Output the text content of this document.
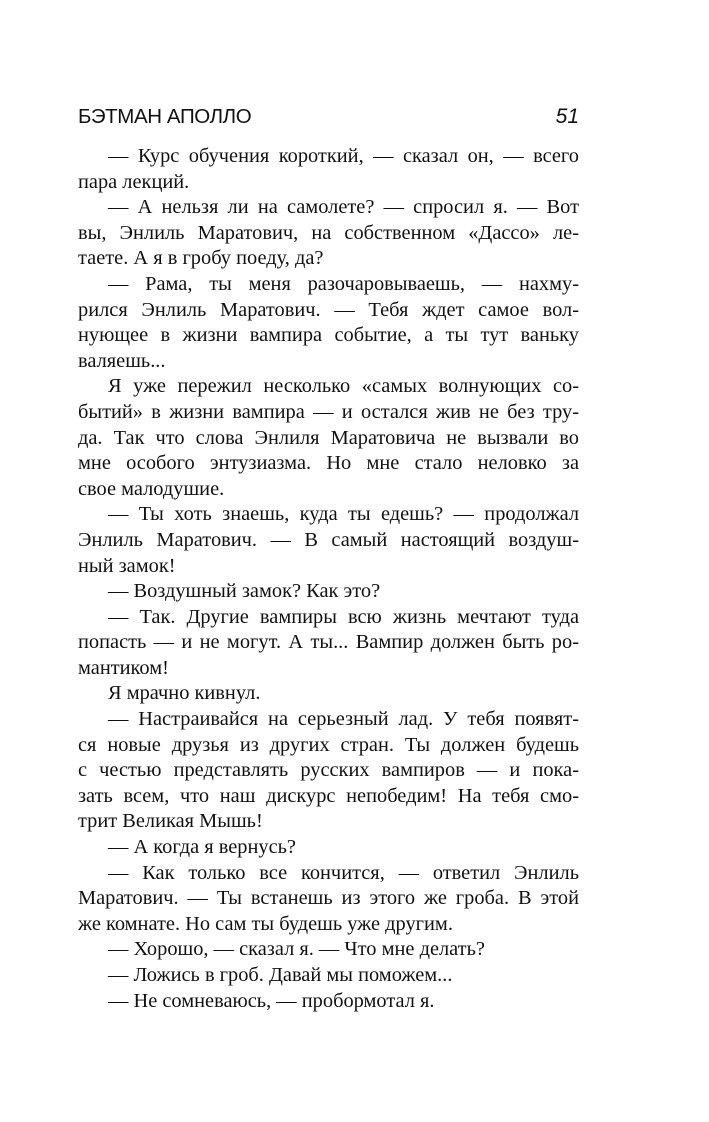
БЭТМАН АПОЛЛО	51
— Курс обучения короткий, — сказал он, — всего
пара лекций.
— А нельзя ли на самолете? — спросил я. — Вот
вы, Энлиль Маратович, на собственном «Дассо» ле-
таете. А я в гробу поеду, да?
— Рама, ты меня разочаровываешь, — нахму-
рился Энлиль Маратович. — Тебя ждет самое вол-
нующее в жизни вампира событие, а ты тут ваньку
валяешь...
Я уже пережил несколько «самых волнующих со-
бытий» в жизни вампира — и остался жив не без тру-
да. Так что слова Энлиля Маратовича не вызвали во
мне особого энтузиазма. Но мне стало неловко за
свое малодушие.
— Ты хоть знаешь, куда ты едешь? — продолжал
Энлиль Маратович. — В самый настоящий воздуш-
ный замок!
— Воздушный замок? Как это?
— Так. Другие вампиры всю жизнь мечтают туда
попасть — и не могут. А ты... Вампир должен быть ро-
мантиком!
Я мрачно кивнул.
— Настраивайся на серьезный лад. У тебя появят-
ся новые друзья из других стран. Ты должен будешь
с честью представлять русских вампиров — и пока-
зать всем, что наш дискурс непобедим! На тебя смо-
трит Великая Мышь!
— А когда я вернусь?
— Как только все кончится, — ответил Энлиль
Маратович. — Ты встанешь из этого же гроба. В этой
же комнате. Но сам ты будешь уже другим.
— Хорошо, — сказал я. — Что мне делать?
— Ложись в гроб. Давай мы поможем...
— Не сомневаюсь, — пробормотал я.
